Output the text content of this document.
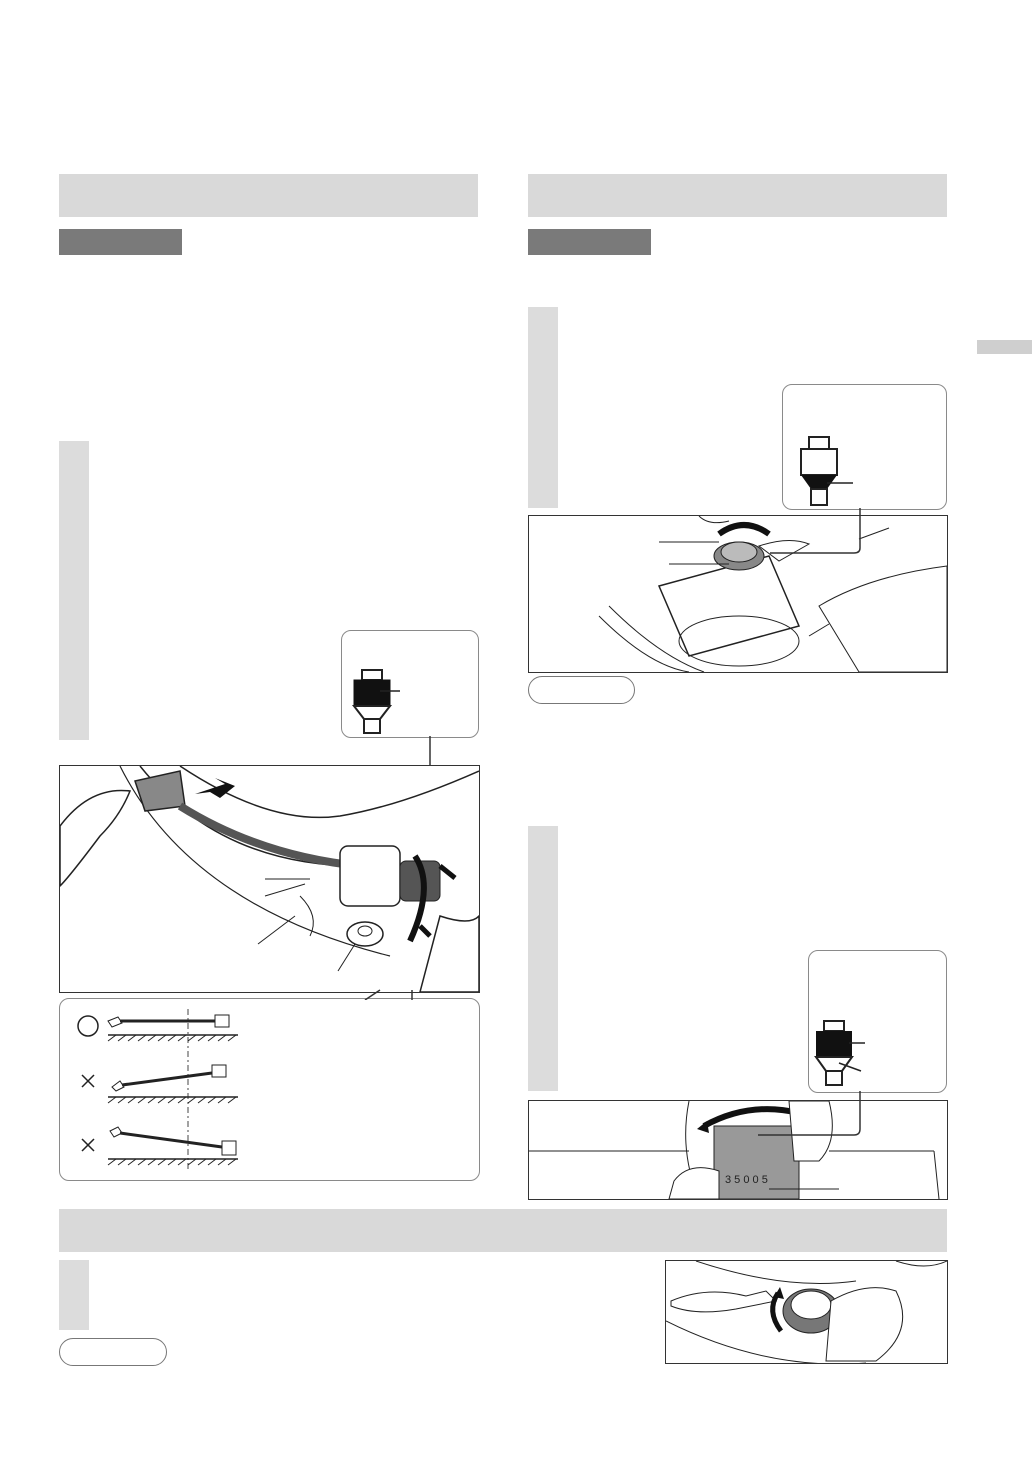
3 5 0 0 5
